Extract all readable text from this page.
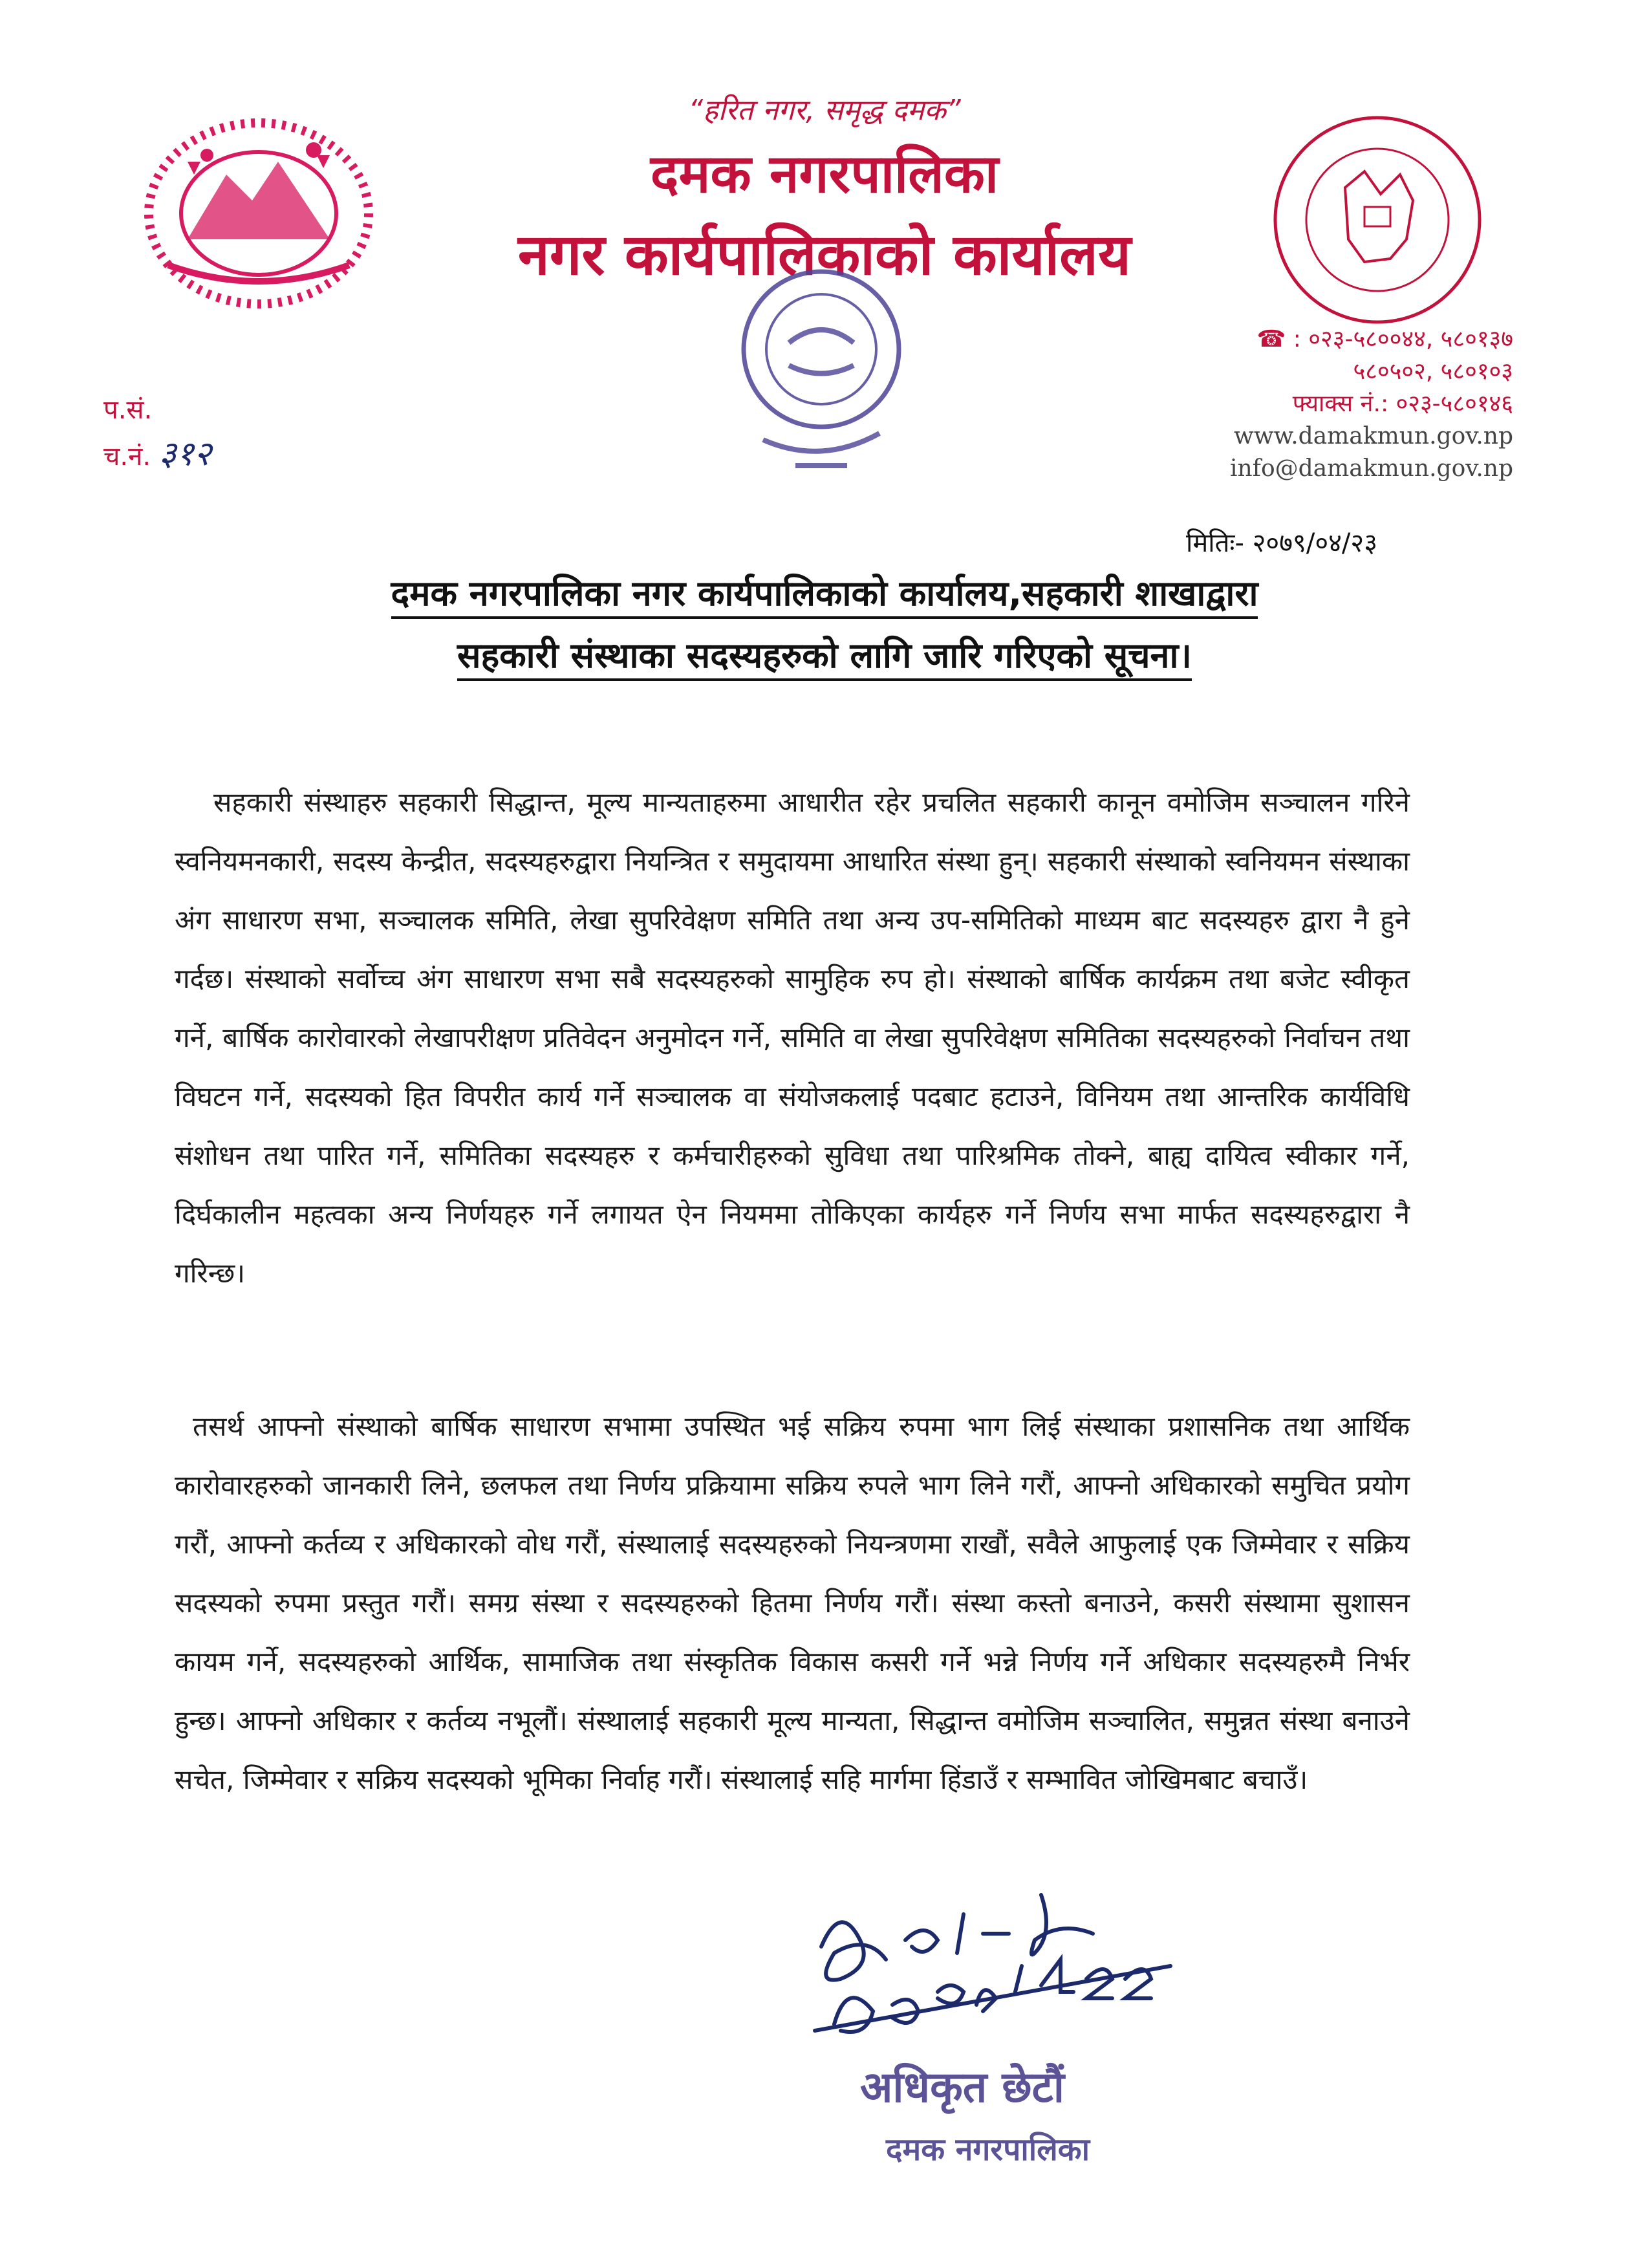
“हरित नगर, समृद्ध दमक”
दमक नगरपालिका
नगर कार्यपालिकाको कार्यालय
☎ : ०२३-५८००४४, ५८०१३७
५८०५०२, ५८०१०३
फ्याक्स नं.: ०२३-५८०१४६
www.damakmun.gov.np
info@damakmun.gov.np
प.सं.
च.नं. ३१२
मितिः- २०७९/०४/२३
दमक नगरपालिका नगर कार्यपालिकाको कार्यालय,सहकारी शाखाद्वारा
सहकारी संस्थाका सदस्यहरुको लागि जारि गरिएको सूचना।
सहकारी संस्थाहरु सहकारी सिद्धान्त, मूल्य मान्यताहरुमा आधारीत रहेर प्रचलित सहकारी कानून वमोजिम सञ्चालन गरिने स्वनियमनकारी, सदस्य केन्द्रीत, सदस्यहरुद्वारा नियन्त्रित र समुदायमा आधारित संस्था हुन्। सहकारी संस्थाको स्वनियमन संस्थाका अंग साधारण सभा, सञ्चालक समिति, लेखा सुपरिवेक्षण समिति तथा अन्य उप-समितिको माध्यम बाट सदस्यहरु द्वारा नै हुने गर्दछ। संस्थाको सर्वोच्च अंग साधारण सभा सबै सदस्यहरुको सामुहिक रुप हो। संस्थाको बार्षिक कार्यक्रम तथा बजेट स्वीकृत गर्ने, बार्षिक कारोवारको लेखापरीक्षण प्रतिवेदन अनुमोदन गर्ने, समिति वा लेखा सुपरिवेक्षण समितिका सदस्यहरुको निर्वाचन तथा विघटन गर्ने, सदस्यको हित विपरीत कार्य गर्ने सञ्चालक वा संयोजकलाई पदबाट हटाउने, विनियम तथा आन्तरिक कार्यविधि संशोधन तथा पारित गर्ने, समितिका सदस्यहरु र कर्मचारीहरुको सुविधा तथा पारिश्रमिक तोक्ने, बाह्य दायित्व स्वीकार गर्ने, दिर्घकालीन महत्वका अन्य निर्णयहरु गर्ने लगायत ऐन नियममा तोकिएका कार्यहरु गर्ने निर्णय सभा मार्फत सदस्यहरुद्वारा नै गरिन्छ।
तसर्थ आफ्नो संस्थाको बार्षिक साधारण सभामा उपस्थित भई सक्रिय रुपमा भाग लिई संस्थाका प्रशासनिक तथा आर्थिक कारोवारहरुको जानकारी लिने, छलफल तथा निर्णय प्रक्रियामा सक्रिय रुपले भाग लिने गरौं, आफ्नो अधिकारको समुचित प्रयोग गरौं, आफ्नो कर्तव्य र अधिकारको वोध गरौं, संस्थालाई सदस्यहरुको नियन्त्रणमा राखौं, सवैले आफुलाई एक जिम्मेवार र सक्रिय सदस्यको रुपमा प्रस्तुत गरौं। समग्र संस्था र सदस्यहरुको हितमा निर्णय गरौं। संस्था कस्तो बनाउने, कसरी संस्थामा सुशासन कायम गर्ने, सदस्यहरुको आर्थिक, सामाजिक तथा संस्कृतिक विकास कसरी गर्ने भन्ने निर्णय गर्ने अधिकार सदस्यहरुमै निर्भर हुन्छ। आफ्नो अधिकार र कर्तव्य नभूलौं। संस्थालाई सहकारी मूल्य मान्यता, सिद्धान्त वमोजिम सञ्चालित, समुन्नत संस्था बनाउने सचेत, जिम्मेवार र सक्रिय सदस्यको भूमिका निर्वाह गरौं। संस्थालाई सहि मार्गमा हिंडाउँ र सम्भावित जोखिमबाट बचाउँ।
अधिकृत छेटौं
दमक नगरपालिका
